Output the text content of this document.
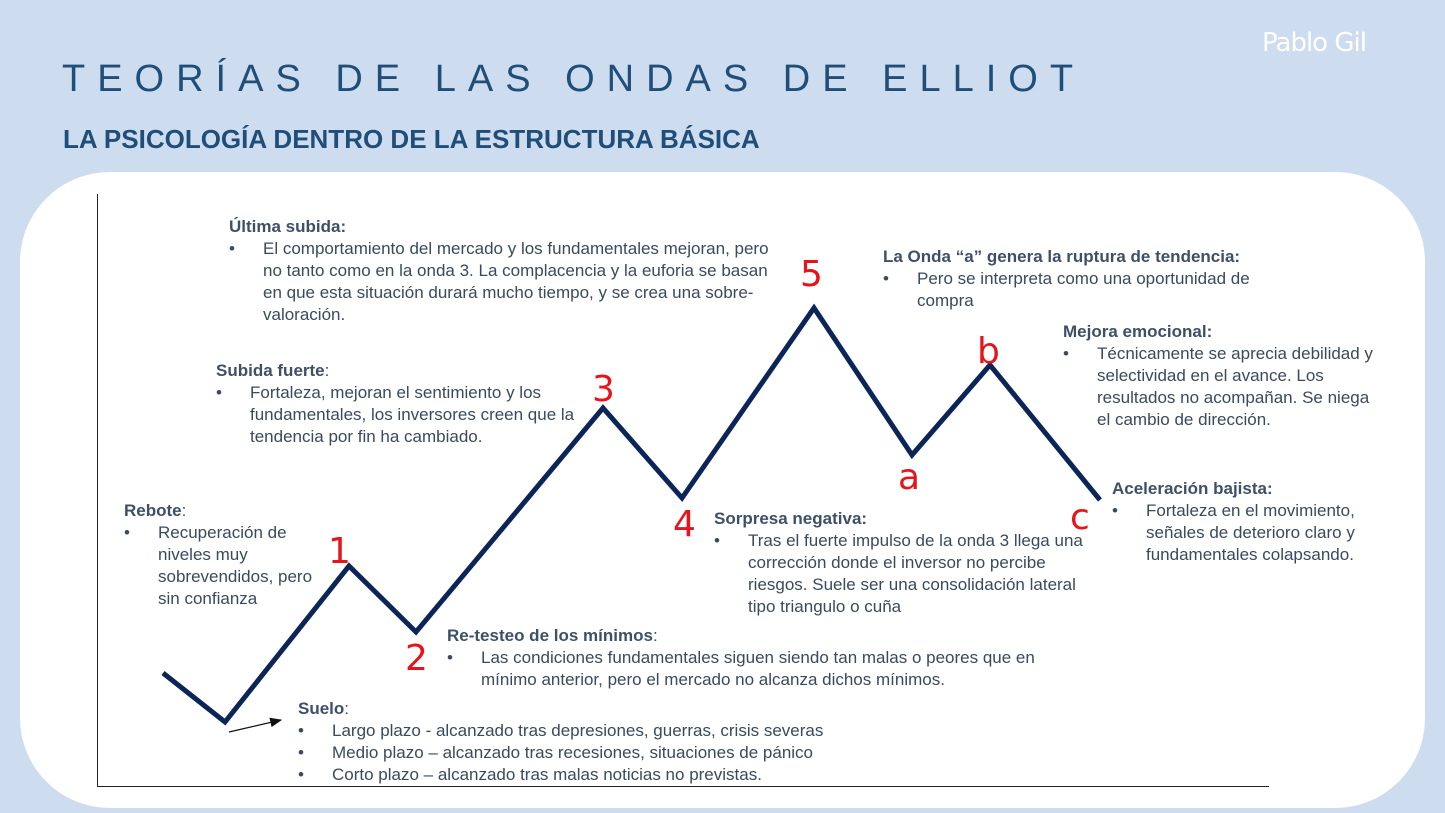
Pablo Gil
TEORÍAS DE LAS ONDAS DE ELLIOT
LA PSICOLOGÍA DENTRO DE LA ESTRUCTURA BÁSICA
1
2
3
4
5
a
b
c
Última subida:
• El comportamiento del mercado y los fundamentales mejoran, pero no tanto como en la onda 3. La complacencia y la euforia se basan en que esta situación durará mucho tiempo, y se crea una sobre-valoración.
Subida fuerte:
• Fortaleza, mejoran el sentimiento y los fundamentales, los inversores creen que la tendencia por fin ha cambiado.
Rebote:
• Recuperación de niveles muy sobrevendidos, pero sin confianza
La Onda “a” genera la ruptura de tendencia:
• Pero se interpreta como una oportunidad de compra
Mejora emocional:
• Técnicamente se aprecia debilidad y selectividad en el avance. Los resultados no acompañan. Se niega el cambio de dirección.
Aceleración bajista:
• Fortaleza en el movimiento, señales de deterioro claro y fundamentales colapsando.
Sorpresa negativa:
• Tras el fuerte impulso de la onda 3 llega una corrección donde el inversor no percibe riesgos. Suele ser una consolidación lateral tipo triangulo o cuña
Re-testeo de los mínimos:
• Las condiciones fundamentales siguen siendo tan malas o peores que en mínimo anterior, pero el mercado no alcanza dichos mínimos.
Suelo:
• Largo plazo - alcanzado tras depresiones, guerras, crisis severas
• Medio plazo – alcanzado tras recesiones, situaciones de pánico
• Corto plazo – alcanzado tras malas noticias no previstas.
